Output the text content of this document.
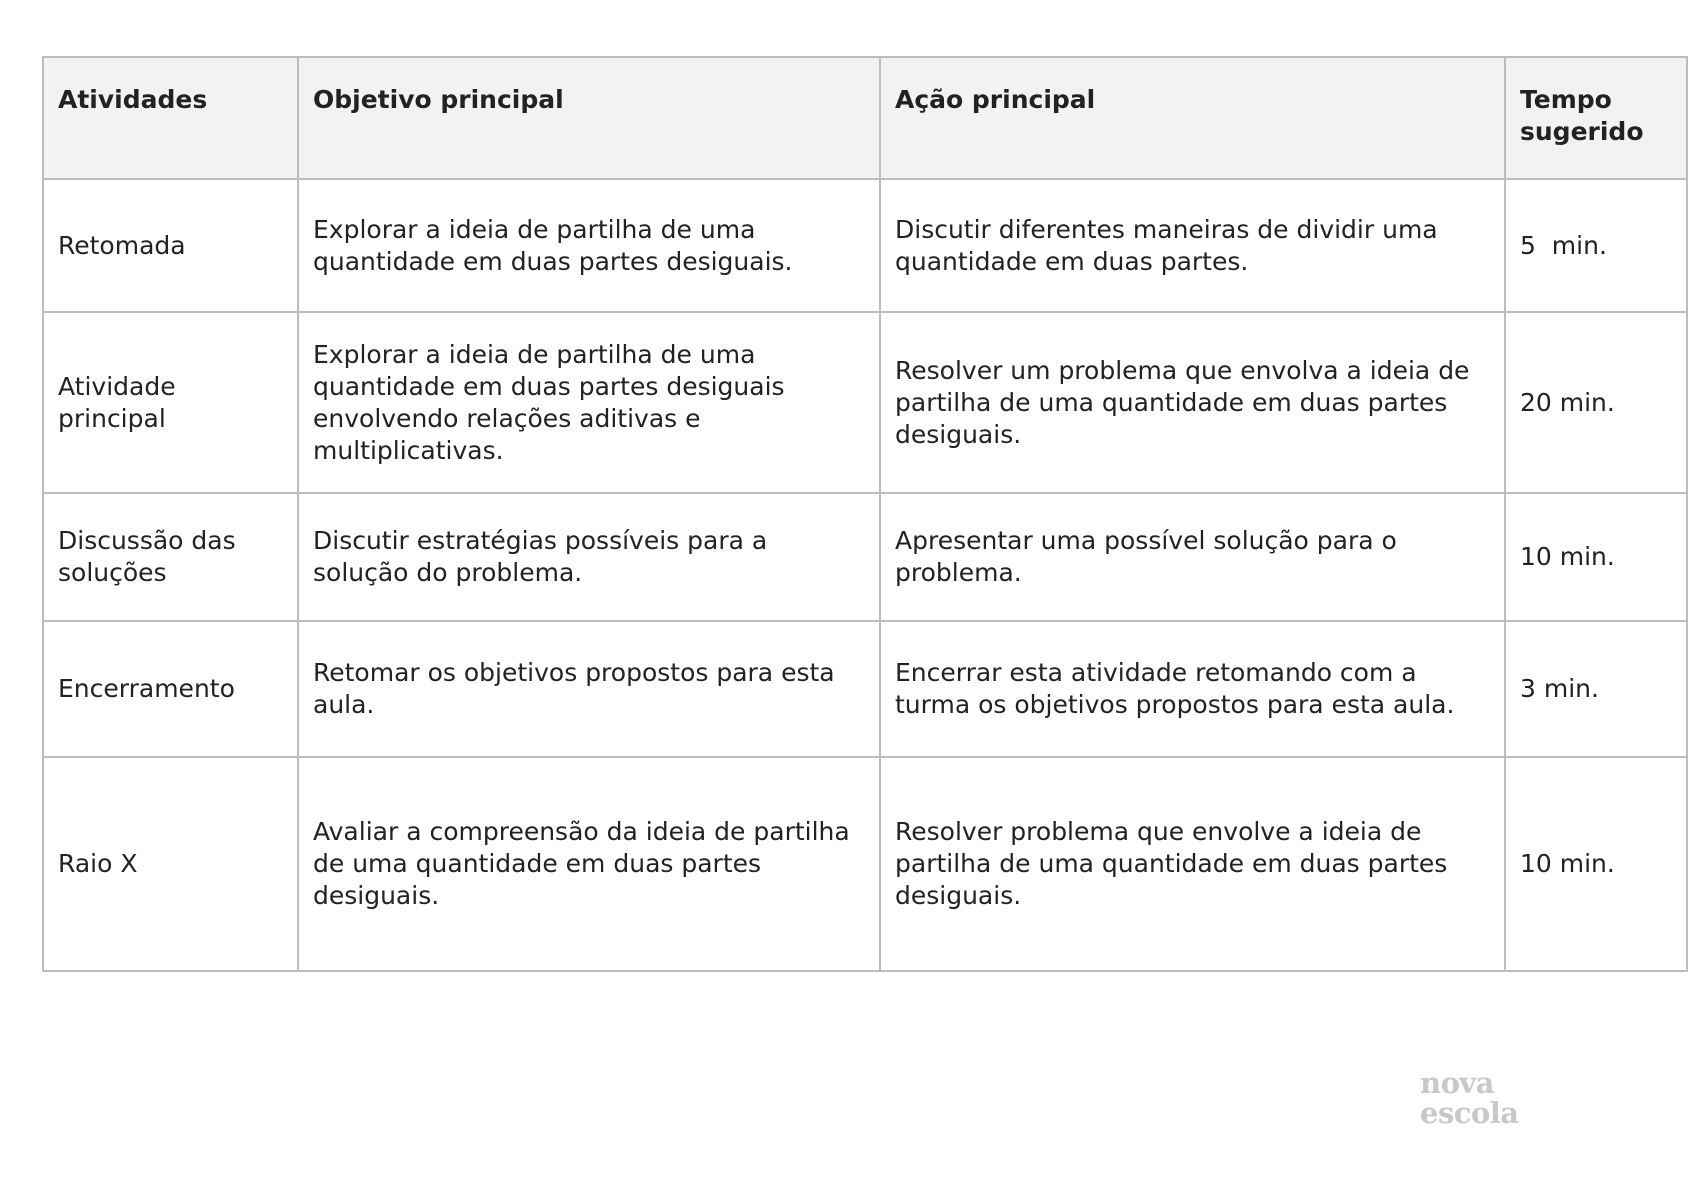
Atividades	Objetivo principal	Ação principal	Tempo sugerido
Retomada	Explorar a ideia de partilha de uma quantidade em duas partes desiguais.	Discutir diferentes maneiras de dividir uma quantidade em duas partes.	5  min.
Atividade principal	Explorar a ideia de partilha de uma quantidade em duas partes desiguais envolvendo relações aditivas e multiplicativas.	Resolver um problema que envolva a ideia de partilha de uma quantidade em duas partes desiguais.	20 min.
Discussão das soluções	Discutir estratégias possíveis para a solução do problema.	Apresentar uma possível solução para o problema.	10 min.
Encerramento	Retomar os objetivos propostos para esta aula.	Encerrar esta atividade retomando com a turma os objetivos propostos para esta aula.	3 min.
Raio X	Avaliar a compreensão da ideia de partilha de uma quantidade em duas partes desiguais.	Resolver problema que envolve a ideia de partilha de uma quantidade em duas partes desiguais.	10 min.
nova
escola
